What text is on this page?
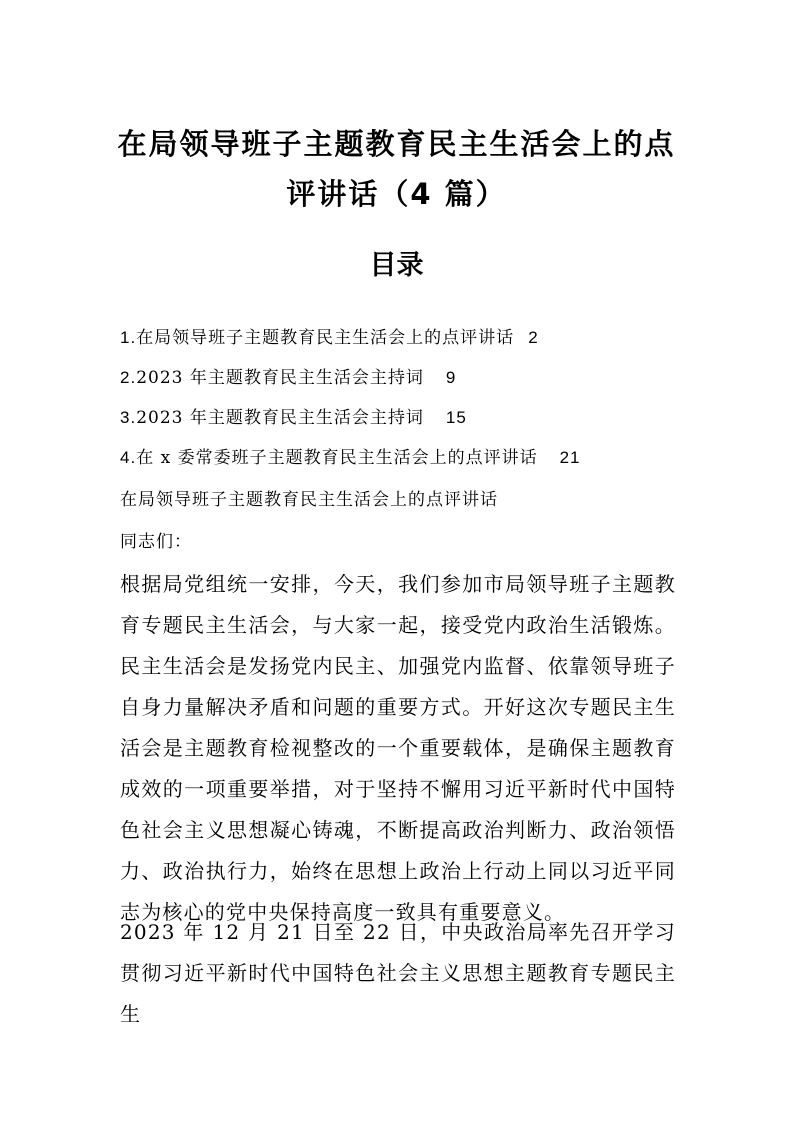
在局领导班子主题教育民主生活会上的点
评讲话（4 篇）
目录
1.在局领导班子主题教育民主生活会上的点评讲话 2
2.2023 年主题教育民主生活会主持词 9
3.2023 年主题教育民主生活会主持词 15
4.在 x 委常委班子主题教育民主生活会上的点评讲话 21

在局领导班子主题教育民主生活会上的点评讲话

同志们：

根据局党组统一安排，今天，我们参加市局领导班子主题教育专题民主生活会，与大家一起，接受党内政治生活锻炼。民主生活会是发扬党内民主、加强党内监督、依靠领导班子自身力量解决矛盾和问题的重要方式。开好这次专题民主生活会是主题教育检视整改的一个重要载体，是确保主题教育成效的一项重要举措，对于坚持不懈用习近平新时代中国特色社会主义思想凝心铸魂，不断提高政治判断力、政治领悟力、政治执行力，始终在思想上政治上行动上同以习近平同志为核心的党中央保持高度一致具有重要意义。

2023 年 12 月 21 日至 22 日，中央政治局率先召开学习贯彻习近平新时代中国特色社会主义思想主题教育专题民主生
